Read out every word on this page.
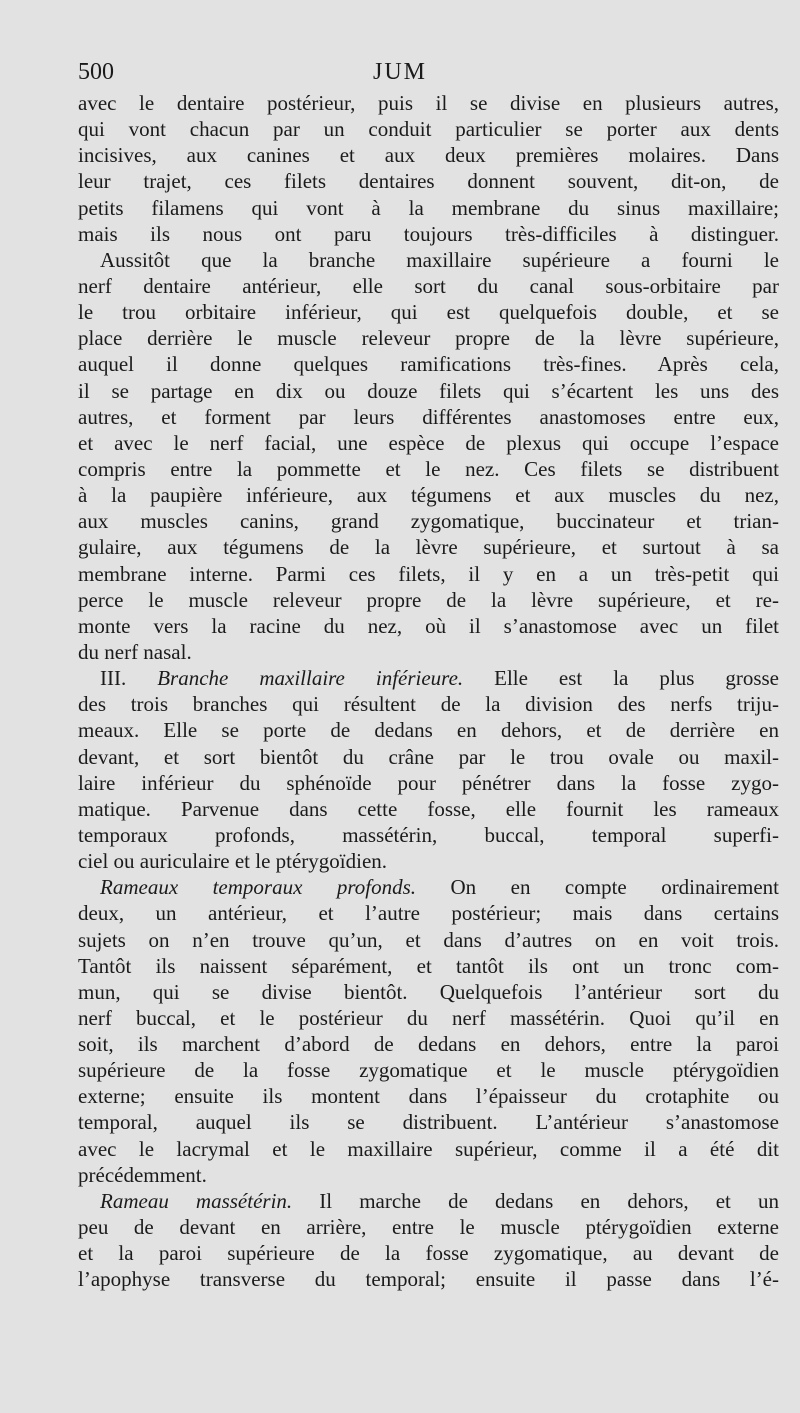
500	JUM
avec le dentaire postérieur, puis il se divise en plusieurs autres,
qui vont chacun par un conduit particulier se porter aux dents
incisives, aux canines et aux deux premières molaires. Dans
leur trajet, ces filets dentaires donnent souvent, dit-on, de
petits filamens qui vont à la membrane du sinus maxillaire;
mais ils nous ont paru toujours très-difficiles à distinguer.
Aussitôt que la branche maxillaire supérieure a fourni le
nerf dentaire antérieur, elle sort du canal sous-orbitaire par
le trou orbitaire inférieur, qui est quelquefois double, et se
place derrière le muscle releveur propre de la lèvre supérieure,
auquel il donne quelques ramifications très-fines. Après cela,
il se partage en dix ou douze filets qui s’écartent les uns des
autres, et forment par leurs différentes anastomoses entre eux,
et avec le nerf facial, une espèce de plexus qui occupe l’espace
compris entre la pommette et le nez. Ces filets se distribuent
à la paupière inférieure, aux tégumens et aux muscles du nez,
aux muscles canins, grand zygomatique, buccinateur et trian-
gulaire, aux tégumens de la lèvre supérieure, et surtout à sa
membrane interne. Parmi ces filets, il y en a un très-petit qui
perce le muscle releveur propre de la lèvre supérieure, et re-
monte vers la racine du nez, où il s’anastomose avec un filet
du nerf nasal.
III. Branche maxillaire inférieure. Elle est la plus grosse
des trois branches qui résultent de la division des nerfs triju-
meaux. Elle se porte de dedans en dehors, et de derrière en
devant, et sort bientôt du crâne par le trou ovale ou maxil-
laire inférieur du sphénoïde pour pénétrer dans la fosse zygo-
matique. Parvenue dans cette fosse, elle fournit les rameaux
temporaux profonds, massétérin, buccal, temporal superfi-
ciel ou auriculaire et le ptérygoïdien.
Rameaux temporaux profonds. On en compte ordinairement
deux, un antérieur, et l’autre postérieur; mais dans certains
sujets on n’en trouve qu’un, et dans d’autres on en voit trois.
Tantôt ils naissent séparément, et tantôt ils ont un tronc com-
mun, qui se divise bientôt. Quelquefois l’antérieur sort du
nerf buccal, et le postérieur du nerf massétérin. Quoi qu’il en
soit, ils marchent d’abord de dedans en dehors, entre la paroi
supérieure de la fosse zygomatique et le muscle ptérygoïdien
externe; ensuite ils montent dans l’épaisseur du crotaphite ou
temporal, auquel ils se distribuent. L’antérieur s’anastomose
avec le lacrymal et le maxillaire supérieur, comme il a été dit
précédemment.
Rameau massétérin. Il marche de dedans en dehors, et un
peu de devant en arrière, entre le muscle ptérygoïdien externe
et la paroi supérieure de la fosse zygomatique, au devant de
l’apophyse transverse du temporal; ensuite il passe dans l’é-
